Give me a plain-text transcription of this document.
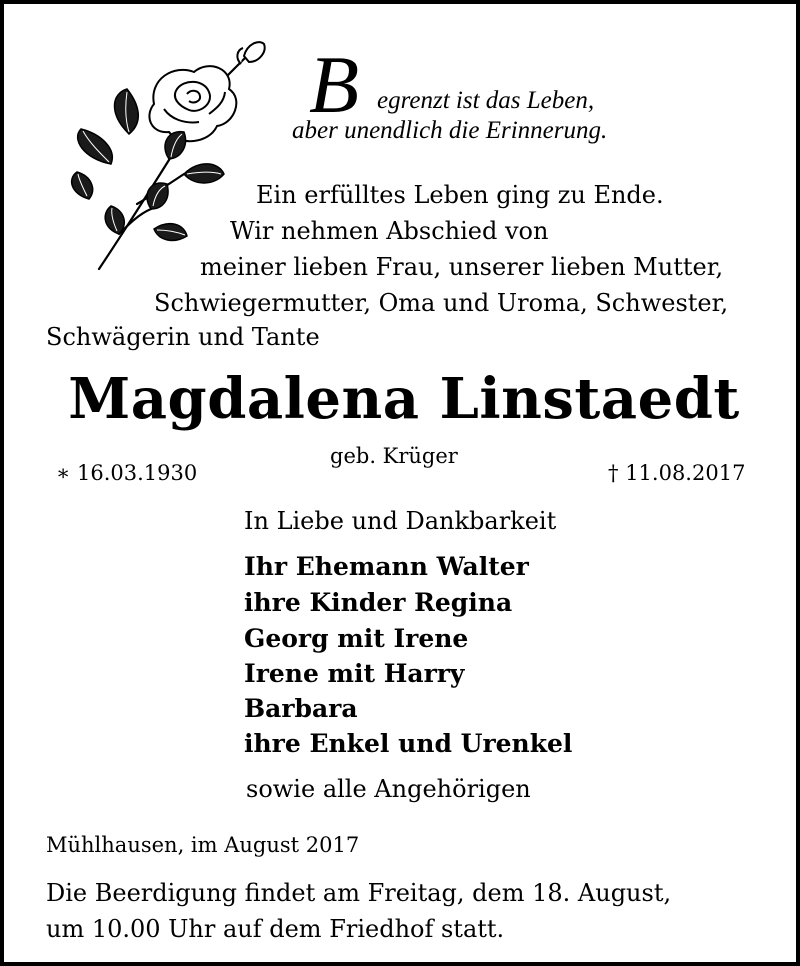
B egrenzt ist das Leben,
aber unendlich die Erinnerung.
Ein erfülltes Leben ging zu Ende.
Wir nehmen Abschied von
meiner lieben Frau, unserer lieben Mutter,
Schwiegermutter, Oma und Uroma, Schwester,
Schwägerin und Tante
Magdalena Linstaedt
geb. Krüger
∗ 16.03.1930	† 11.08.2017
In Liebe und Dankbarkeit
Ihr Ehemann Walter
ihre Kinder Regina
Georg mit Irene
Irene mit Harry
Barbara
ihre Enkel und Urenkel
sowie alle Angehörigen
Mühlhausen, im August 2017
Die Beerdigung findet am Freitag, dem 18. August,
um 10.00 Uhr auf dem Friedhof statt.
